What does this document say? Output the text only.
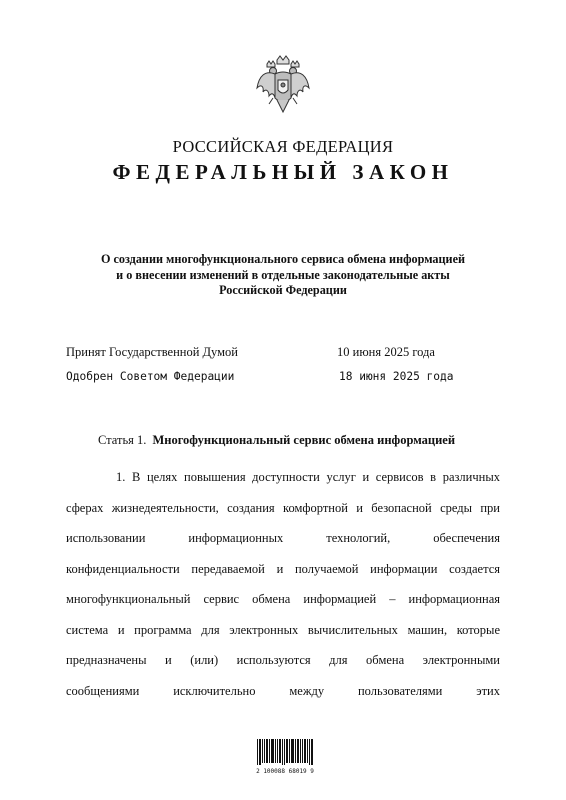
РОССИЙСКАЯ ФЕДЕРАЦИЯ
ФЕДЕРАЛЬНЫЙ ЗАКОН
О создании многофункционального сервиса обмена информацией
и о внесении изменений в отдельные законодательные акты
Российской Федерации
Принят Государственной Думой	10 июня 2025 года
Одобрен Советом Федерации	18 июня 2025 года
Статья 1. Многофункциональный сервис обмена информацией
1. В целях повышения доступности услуг и сервисов в различных
сферах жизнедеятельности, создания комфортной и безопасной среды при
использовании информационных технологий, обеспечения
конфиденциальности передаваемой и получаемой информации создается
многофункциональный сервис обмена информацией – информационная
система и программа для электронных вычислительных машин, которые
предназначены и (или) используются для обмена электронными
сообщениями исключительно между пользователями этих
2 100088 68019 9
